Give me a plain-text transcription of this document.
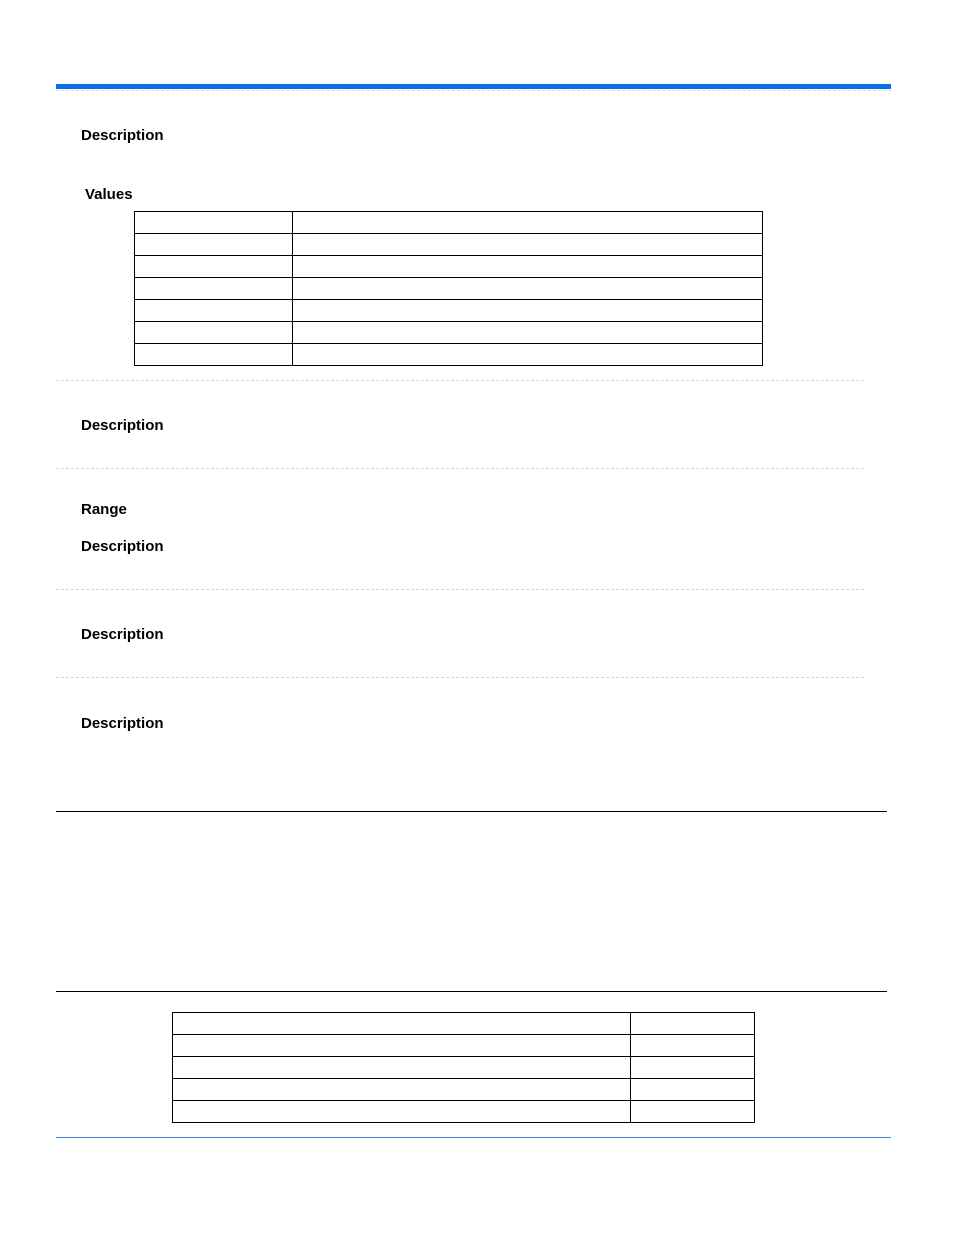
Description
Values

Description
Range
Description
Description
Description
